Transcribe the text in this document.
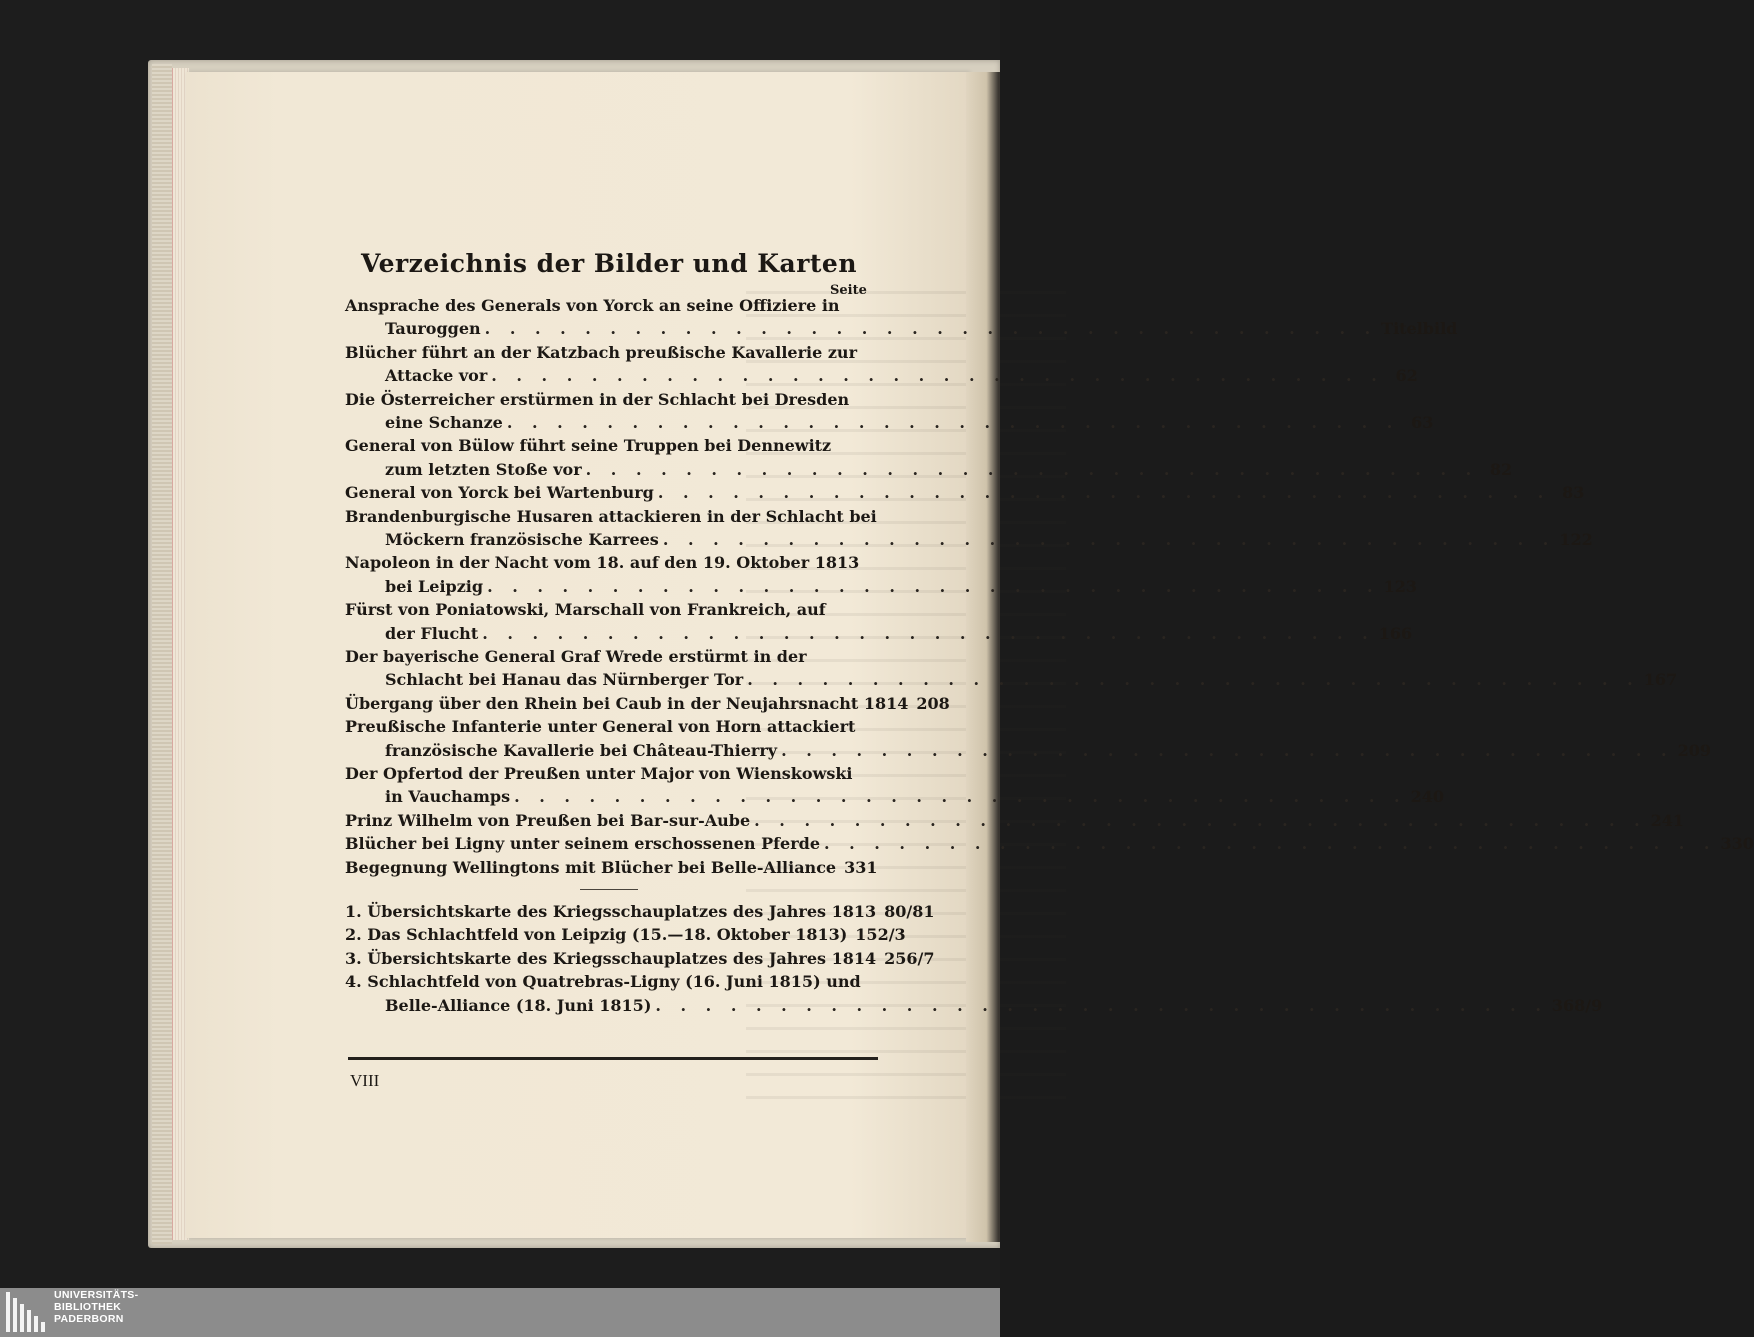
Verzeichnis der Bilder und Karten
Seite
Ansprache des Generals von Yorck an seine Offiziere in
Tauroggen . . . . . . . . . . . . . . . . . . . . . . . . . . . . . . . . . . . . Titelbild
Blücher führt an der Katzbach preußische Kavallerie zur
Attacke vor . . . . . . . . . . . . . . . . . . . . . . . . . . . . . . . . . . . . 62
Die Österreicher erstürmen in der Schlacht bei Dresden
eine Schanze . . . . . . . . . . . . . . . . . . . . . . . . . . . . . . . . . . . . 63
General von Bülow führt seine Truppen bei Dennewitz
zum letzten Stoße vor . . . . . . . . . . . . . . . . . . . . . . . . . . . . . . . . . . . . 82
General von Yorck bei Wartenburg . . . . . . . . . . . . . . . . . . . . . . . . . . . . . . . . . . . . 83
Brandenburgische Husaren attackieren in der Schlacht bei
Möckern französische Karrees . . . . . . . . . . . . . . . . . . . . . . . . . . . . . . . . . . . . 122
Napoleon in der Nacht vom 18. auf den 19. Oktober 1813
bei Leipzig . . . . . . . . . . . . . . . . . . . . . . . . . . . . . . . . . . . . 123
Fürst von Poniatowski, Marschall von Frankreich, auf
der Flucht . . . . . . . . . . . . . . . . . . . . . . . . . . . . . . . . . . . . 166
Der bayerische General Graf Wrede erstürmt in der
Schlacht bei Hanau das Nürnberger Tor . . . . . . . . . . . . . . . . . . . . . . . . . . . . . . . . . . . . 167
Übergang über den Rhein bei Caub in der Neujahrsnacht 1814 208
Preußische Infanterie unter General von Horn attackiert
französische Kavallerie bei Château-Thierry . . . . . . . . . . . . . . . . . . . . . . . . . . . . . . . . . . . . 209
Der Opfertod der Preußen unter Major von Wienskowski
in Vauchamps . . . . . . . . . . . . . . . . . . . . . . . . . . . . . . . . . . . . 240
Prinz Wilhelm von Preußen bei Bar-sur-Aube . . . . . . . . . . . . . . . . . . . . . . . . . . . . . . . . . . . . 241
Blücher bei Ligny unter seinem erschossenen Pferde . . . . . . . . . . . . . . . . . . . . . . . . . . . . . . . . . . . . 330
Begegnung Wellingtons mit Blücher bei Belle-Alliance 331
1. Übersichtskarte des Kriegsschauplatzes des Jahres 1813 80/81
2. Das Schlachtfeld von Leipzig (15.—18. Oktober 1813) 152/3
3. Übersichtskarte des Kriegsschauplatzes des Jahres 1814 256/7
4. Schlachtfeld von Quatrebras-Ligny (16. Juni 1815) und
Belle-Alliance (18. Juni 1815) . . . . . . . . . . . . . . . . . . . . . . . . . . . . . . . . . . . . 368/9
VIII
UNIVERSITÄTS-
BIBLIOTHEK
PADERBORN
